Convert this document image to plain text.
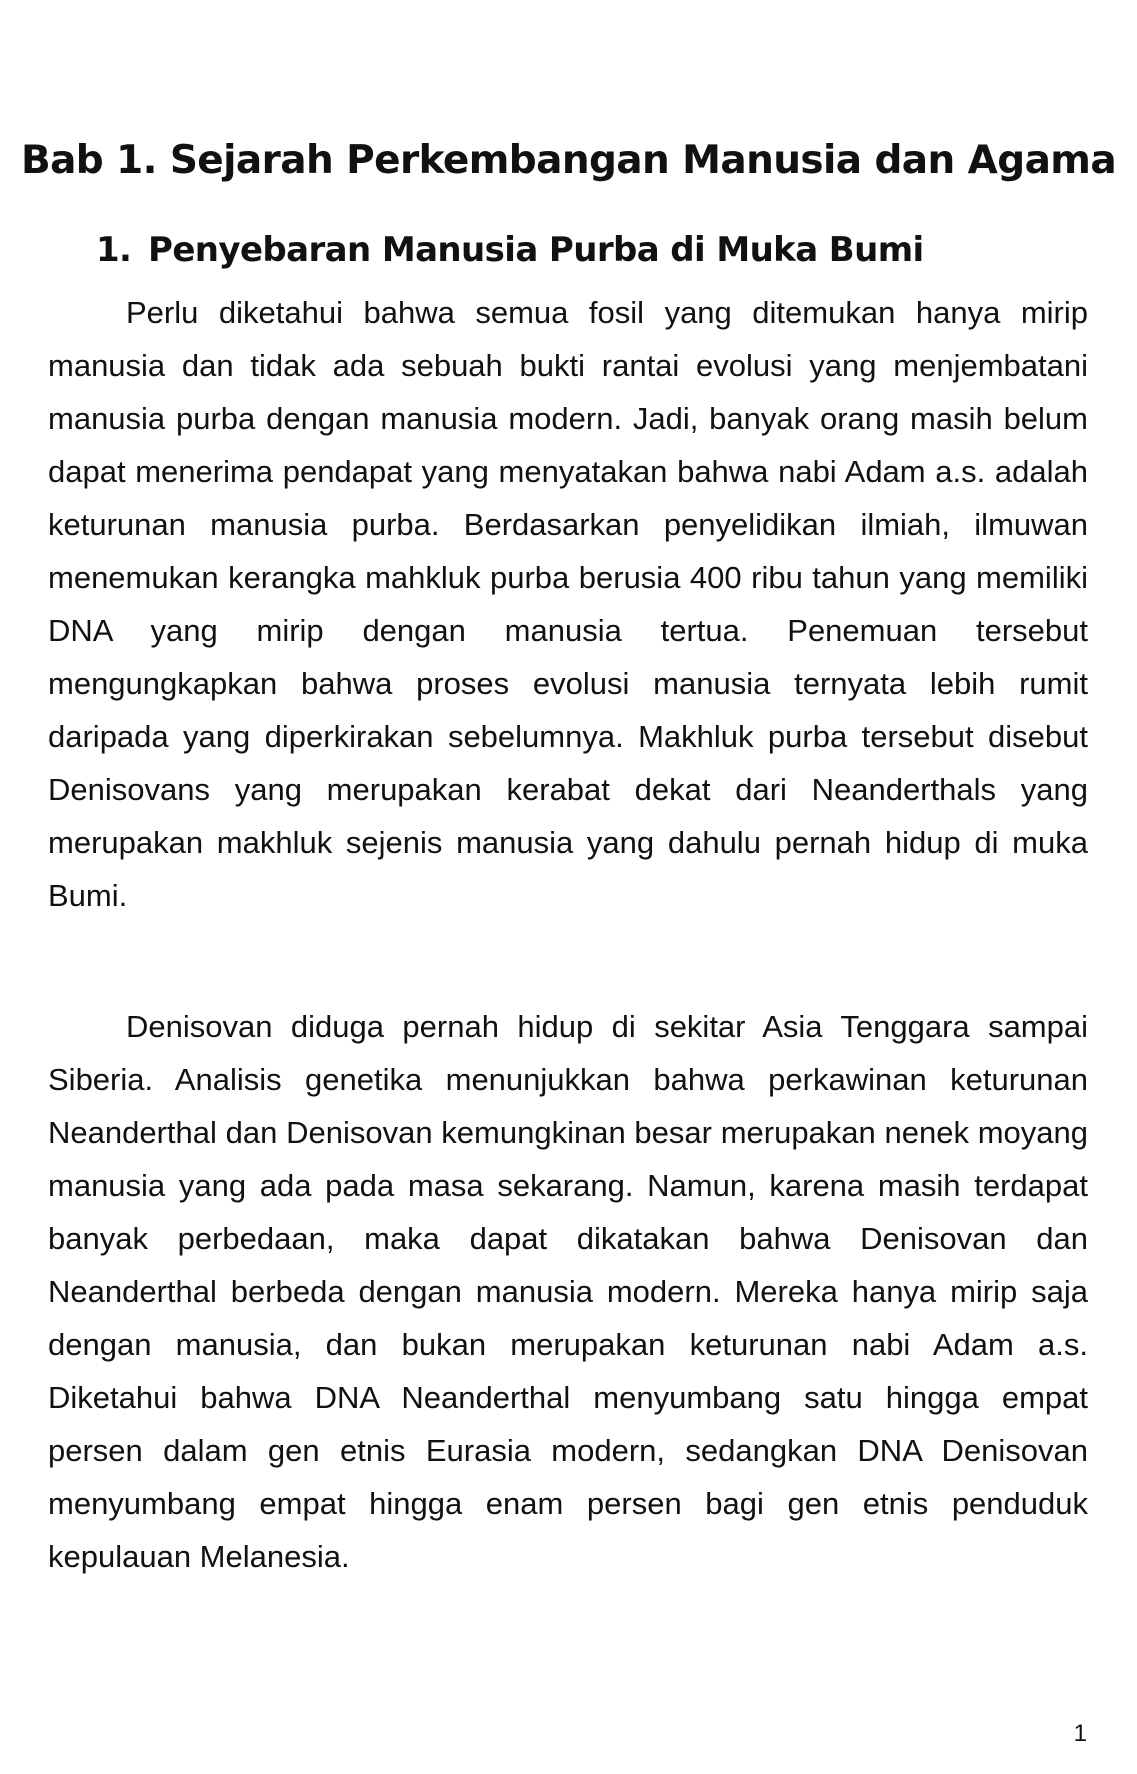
Bab 1. Sejarah Perkembangan Manusia dan Agama
1. Penyebaran Manusia Purba di Muka Bumi

Perlu diketahui bahwa semua fosil yang ditemukan hanya mirip manusia dan tidak ada sebuah bukti rantai evolusi yang menjembatani manusia purba dengan manusia modern. Jadi, banyak orang masih belum dapat menerima pendapat yang menyatakan bahwa nabi Adam a.s. adalah keturunan manusia purba. Berdasarkan penyelidikan ilmiah, ilmuwan menemukan kerangka mahkluk purba berusia 400 ribu tahun yang memiliki DNA yang mirip dengan manusia tertua. Penemuan tersebut mengungkapkan bahwa proses evolusi manusia ternyata lebih rumit daripada yang diperkirakan sebelumnya. Makhluk purba tersebut disebut Denisovans yang merupakan kerabat dekat dari Neanderthals yang merupakan makhluk sejenis manusia yang dahulu pernah hidup di muka Bumi.

Denisovan diduga pernah hidup di sekitar Asia Tenggara sampai Siberia. Analisis genetika menunjukkan bahwa perkawinan keturunan Neanderthal dan Denisovan kemungkinan besar merupakan nenek moyang manusia yang ada pada masa sekarang. Namun, karena masih terdapat banyak perbedaan, maka dapat dikatakan bahwa Denisovan dan Neanderthal berbeda dengan manusia modern. Mereka hanya mirip saja dengan manusia, dan bukan merupakan keturunan nabi Adam a.s. Diketahui bahwa DNA Neanderthal menyumbang satu hingga empat persen dalam gen etnis Eurasia modern, sedangkan DNA Denisovan menyumbang empat hingga enam persen bagi gen etnis penduduk kepulauan Melanesia.

1
